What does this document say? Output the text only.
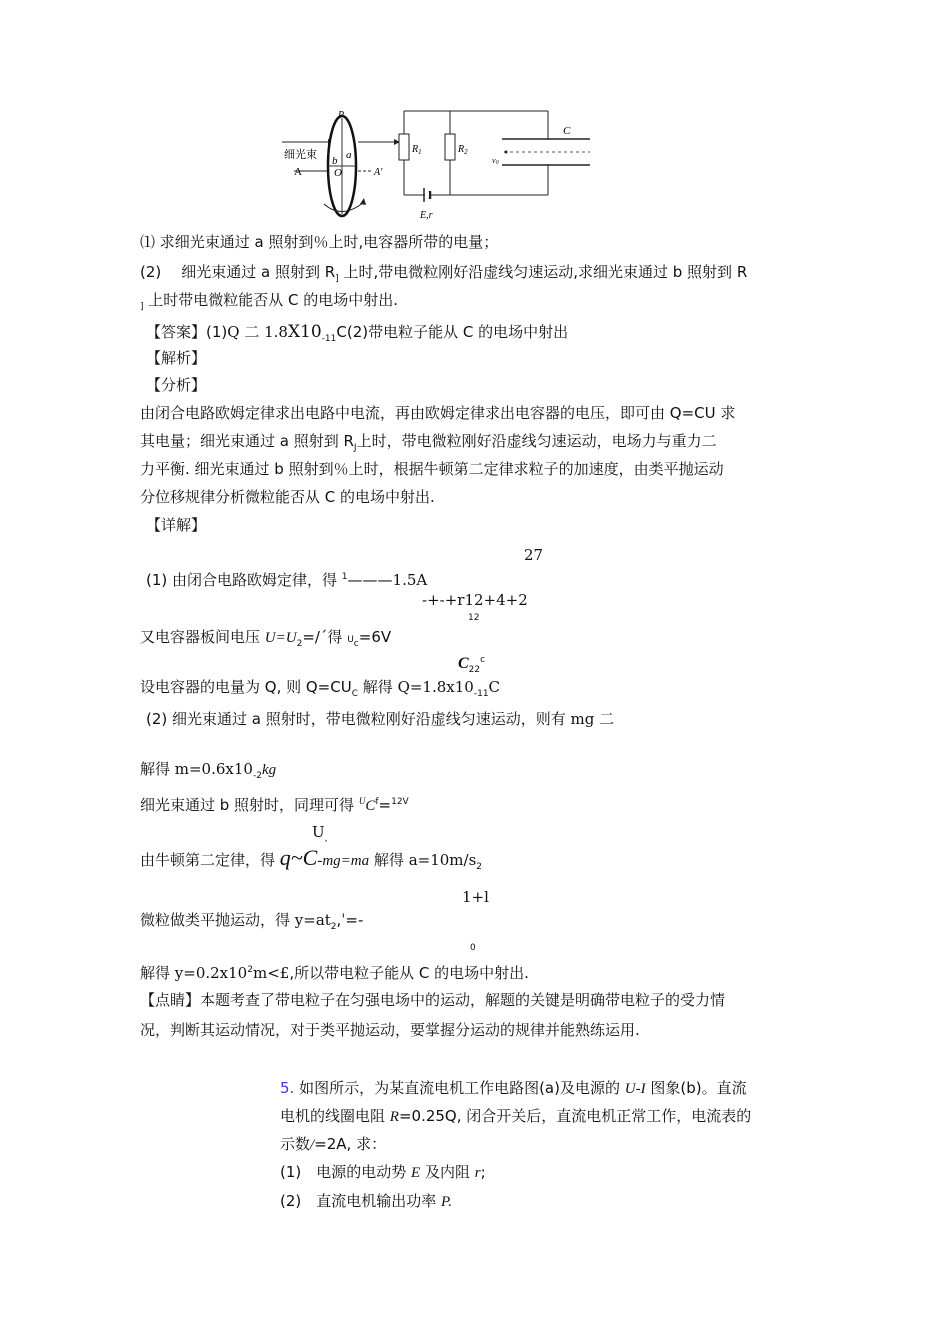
细光束
A
P
a
b
O	A'
$R_1$	$R_2$
E,r
C
v0
⑴ 求细光束通过 a 照射到％上时,电容器所带的电量；
(2) 细光束通过 a 照射到 $R_]$ 上时,带电微粒刚好沿虚线匀速运动,求细光束通过 b 照射到 R
$_]$ 上时带电微粒能否从 C 的电场中射出.
【答案】(1)Q 二 $1.8X10_{-11}C(2)$带电粒子能从 C 的电场中射出
【解析】
【分析】
由闭合电路欧姆定律求出电路中电流，再由欧姆定律求出电容器的电压，即可由 Q=CU 求
其电量；细光束通过 a 照射到 $R_J$上时，带电微粒刚好沿虚线匀速运动，电场力与重力二
力平衡. 细光束通过 b 照射到％上时，根据牛顿第二定律求粒子的加速度，由类平抛运动
分位移规律分析微粒能否从 C 的电场中射出.
【详解】
27
(1) 由闭合电路欧姆定律，得 $^1$———1.5A
-+-+r12+4+2
12
又电容器板间电压 $U=U_2=/ˊ$得 $U_c=6V$
$C_{22}^c$
设电容器的电量为 Q, 则 $Q=CU_C$ 解得 $Q=1.8x10_{-11}C$
(2) 细光束通过 a 照射时，带电微粒刚好沿虚线匀速运动，则有 mg 二
解得 $m=0.6x10_{-2}kg$
细光束通过 b 照射时，同理可得 $^UC^f=^{12V}$
$U_,$
由牛顿第二定律，得 q~C-mg=ma 解得 $a=10m/s_2$
1+l
微粒做类平抛运动，得 $y=at_2,ˈ=-$
0
解得 $y=0.2x10^2m<£$,所以带电粒子能从 C 的电场中射出.
【点睛】本题考查了带电粒子在匀强电场中的运动，解题的关键是明确带电粒子的受力情
况，判断其运动情况，对于类平抛运动，要掌握分运动的规律并能熟练运用.
5. 如图所示，为某直流电机工作电路图(a)及电源的 U-I 图象(b)。直流
电机的线圈电阻 R=0.25Q, 闭合开关后，直流电机正常工作，电流表的
示数/=2A, 求：
(1)　电源的电动势 E 及内阻 r;
(2)　直流电机输出功率 P.
